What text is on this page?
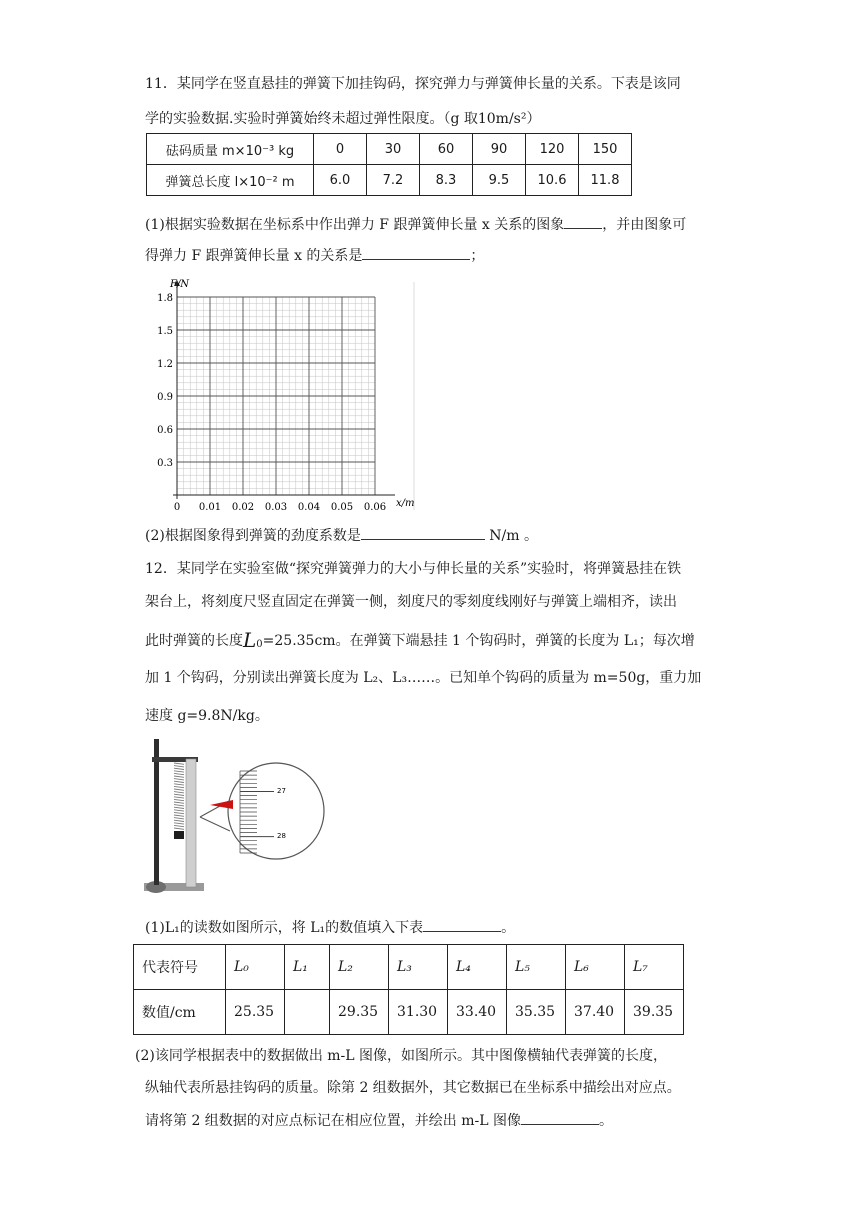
11．某同学在竖直悬挂的弹簧下加挂钩码，探究弹力与弹簧伸长量的关系。下表是该同
学的实验数据.实验时弹簧始终未超过弹性限度。（g 取10m/s²）
砝码质量 m×10⁻³ kg	0	30	60	90	120	150
弹簧总长度 l×10⁻² m	6.0	7.2	8.3	9.5	10.6	11.8
(1)根据实验数据在坐标系中作出弹力 F 跟弹簧伸长量 x 关系的图象	，并由图象可
得弹力 F 跟弹簧伸长量 x 的关系是	；
F/N
x/m
1.8
1.5
1.2
0.9
0.6
0.3
0 0.01 0.02 0.03 0.04 0.05 0.06
(2)根据图象得到弹簧的劲度系数是	N/m 。
12．某同学在实验室做“探究弹簧弹力的大小与伸长量的关系”实验时，将弹簧悬挂在铁
架台上，将刻度尺竖直固定在弹簧一侧，刻度尺的零刻度线刚好与弹簧上端相齐，读出
此时弹簧的长度L0=25.35cm。在弹簧下端悬挂 1 个钩码时，弹簧的长度为 L₁；每次增
加 1 个钩码，分别读出弹簧长度为 L₂、L₃……。已知单个钩码的质量为 m=50g，重力加
速度 g=9.8N/kg。
27
28
(1)L₁的读数如图所示，将 L₁的数值填入下表	。
代表符号	L₀	L₁	L₂	L₃	L₄	L₅	L₆	L₇
数值/cm	25.35		29.35	31.30	33.40	35.35	37.40	39.35
(2)该同学根据表中的数据做出 m-L 图像，如图所示。其中图像横轴代表弹簧的长度，
纵轴代表所悬挂钩码的质量。除第 2 组数据外，其它数据已在坐标系中描绘出对应点。
请将第 2 组数据的对应点标记在相应位置，并绘出 m-L 图像	。
